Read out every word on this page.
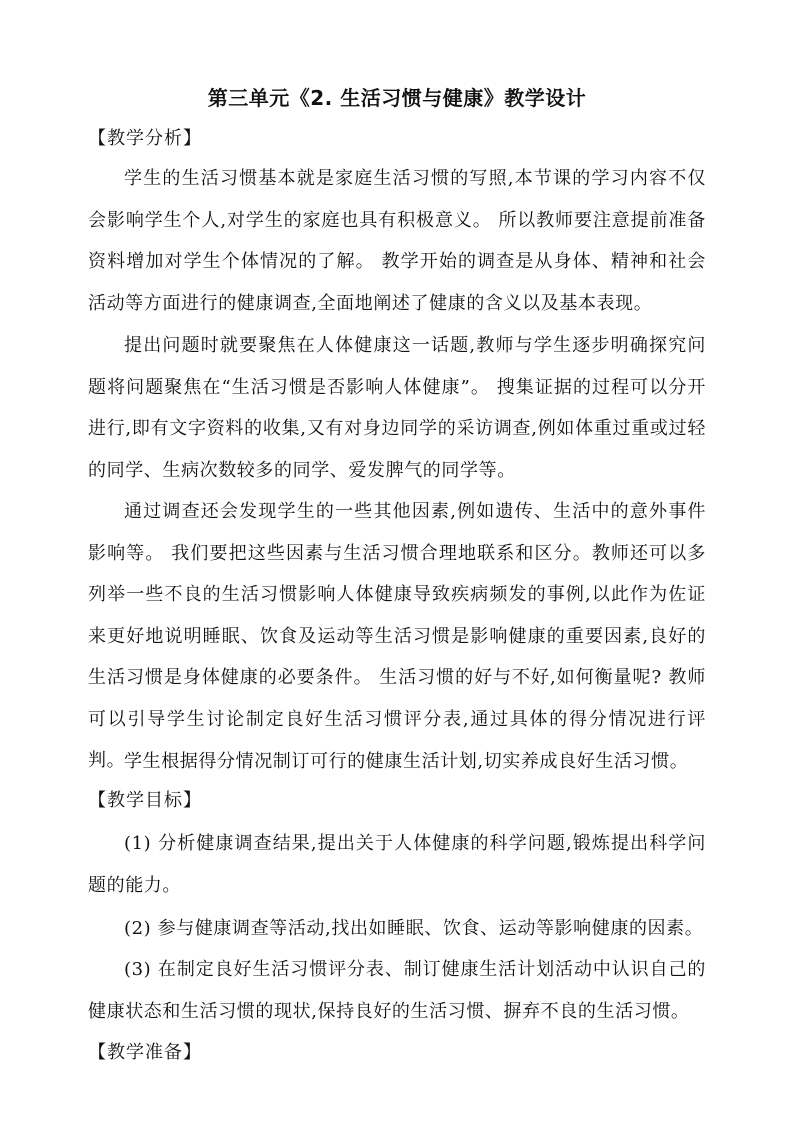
第三单元《2. 生活习惯与健康》教学设计
【教学分析】

学生的生活习惯基本就是家庭生活习惯的写照,本节课的学习内容不仅会影响学生个人,对学生的家庭也具有积极意义。 所以教师要注意提前准备资料增加对学生个体情况的了解。 教学开始的调查是从身体、精神和社会活动等方面进行的健康调查,全面地阐述了健康的含义以及基本表现。

提出问题时就要聚焦在人体健康这一话题,教师与学生逐步明确探究问题将问题聚焦在“生活习惯是否影响人体健康”。 搜集证据的过程可以分开进行,即有文字资料的收集,又有对身边同学的采访调查,例如体重过重或过轻的同学、生病次数较多的同学、爱发脾气的同学等。

通过调查还会发现学生的一些其他因素,例如遗传、生活中的意外事件影响等。 我们要把这些因素与生活习惯合理地联系和区分。教师还可以多列举一些不良的生活习惯影响人体健康导致疾病频发的事例,以此作为佐证来更好地说明睡眠、饮食及运动等生活习惯是影响健康的重要因素,良好的生活习惯是身体健康的必要条件。 生活习惯的好与不好,如何衡量呢? 教师可以引导学生讨论制定良好生活习惯评分表,通过具体的得分情况进行评判。

学生根据得分情况制订可行的健康生活计划,切实养成良好生活习惯。

【教学目标】

(1) 分析健康调查结果,提出关于人体健康的科学问题,锻炼提出科学问题的能力。

(2) 参与健康调查等活动,找出如睡眠、饮食、运动等影响健康的因素。

(3) 在制定良好生活习惯评分表、制订健康生活计划活动中认识自己的健康状态和生活习惯的现状,保持良好的生活习惯、摒弃不良的生活习惯。

【教学准备】
